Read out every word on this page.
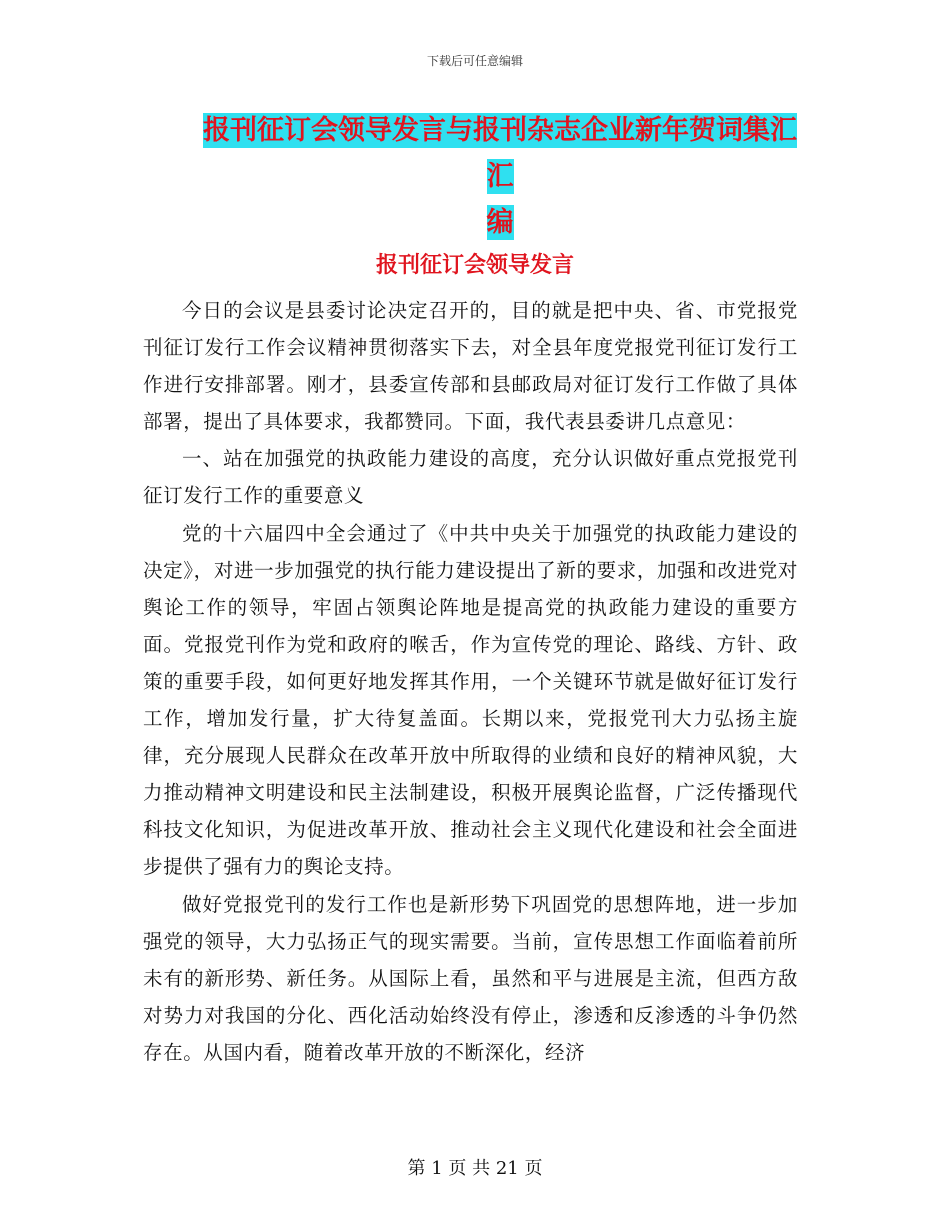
下载后可任意编辑
报刊征订会领导发言与报刊杂志企业新年贺词集汇汇
编
报刊征订会领导发言

今日的会议是县委讨论决定召开的，目的就是把中央、省、市党报党刊征订发行工作会议精神贯彻落实下去，对全县年度党报党刊征订发行工作进行安排部署。刚才，县委宣传部和县邮政局对征订发行工作做了具体部署，提出了具体要求，我都赞同。下面，我代表县委讲几点意见：

一、站在加强党的执政能力建设的高度，充分认识做好重点党报党刊征订发行工作的重要意义

党的十六届四中全会通过了《中共中央关于加强党的执政能力建设的决定》，对进一步加强党的执行能力建设提出了新的要求，加强和改进党对舆论工作的领导，牢固占领舆论阵地是提高党的执政能力建设的重要方面。党报党刊作为党和政府的喉舌，作为宣传党的理论、路线、方针、政策的重要手段，如何更好地发挥其作用，一个关键环节就是做好征订发行工作，增加发行量，扩大待复盖面。长期以来，党报党刊大力弘扬主旋律，充分展现人民群众在改革开放中所取得的业绩和良好的精神风貌，大力推动精神文明建设和民主法制建设，积极开展舆论监督，广泛传播现代科技文化知识，为促进改革开放、推动社会主义现代化建设和社会全面进步提供了强有力的舆论支持。

做好党报党刊的发行工作也是新形势下巩固党的思想阵地，进一步加强党的领导，大力弘扬正气的现实需要。当前，宣传思想工作面临着前所未有的新形势、新任务。从国际上看，虽然和平与进展是主流，但西方敌对势力对我国的分化、西化活动始终没有停止，渗透和反渗透的斗争仍然存在。从国内看，随着改革开放的不断深化，经济

第 1 页 共 21 页
